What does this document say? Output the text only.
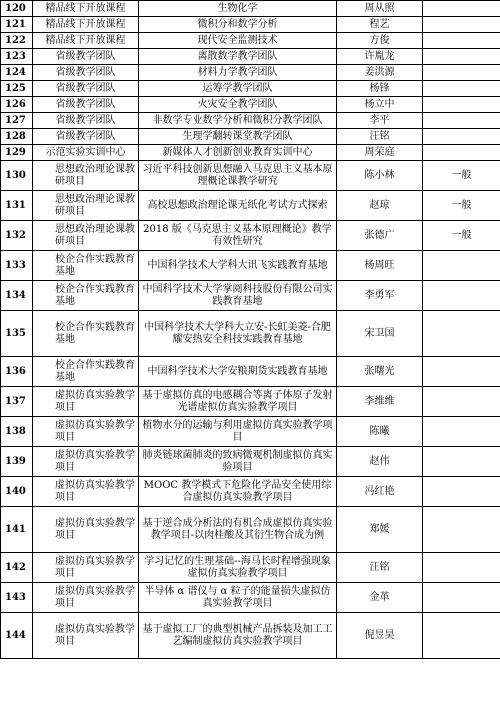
120	精品线下开放课程	生物化学	周从照	
121	精品线下开放课程	微积分和数学分析	程艺	
122	精品线下开放课程	现代安全监测技术	方俊	
123	省级教学团队	离散数学教学团队	许胤龙	
124	省级教学团队	材料力学教学团队	姜洪源	
125	省级教学团队	运筹学教学团队	杨锋	
126	省级教学团队	火灾安全教学团队	杨立中	
127	省级教学团队	非数学专业数学分析和微积分教学团队	李平	
128	省级教学团队	生理学翻转课堂教学团队	汪铭	
129	示范实验实训中心	新媒体人才创新创业教育实训中心	周荣庭	
130	思想政治理论课教研项目	习近平科技创新思想融入马克思主义基本原理概论课教学研究	陈小林	一般
131	思想政治理论课教研项目	高校思想政治理论课无纸化考试方式探索	赵琼	一般
132	思想政治理论课教研项目	2018 版《马克思主义基本原理概论》教学有效性研究	张德广	一般
133	校企合作实践教育基地	中国科学技术大学科大讯飞实践教育基地	杨周旺	
134	校企合作实践教育基地	中国科学技术大学掌阅科技股份有限公司实践教育基地	李勇军	
135	校企合作实践教育基地	中国科学技术大学科大立安-长虹美菱-合肥耀安热安全科技实践教育基地	宋卫国	
136	校企合作实践教育基地	中国科学技术大学安粮期货实践教育基地	张曙光	
137	虚拟仿真实验教学项目	基于虚拟仿真的电感耦合等离子体原子发射光谱虚拟仿真实验教学项目	李维维	
138	虚拟仿真实验教学项目	植物水分的运输与利用虚拟仿真实验教学项目	陈曦	
139	虚拟仿真实验教学项目	肺炎链球菌肺炎的致病微观机制虚拟仿真实验项目	赵伟	
140	虚拟仿真实验教学项目	MOOC 教学模式下危险化学品安全使用综合虚拟仿真实验教学项目	冯红艳	
141	虚拟仿真实验教学项目	基于逆合成分析法的有机合成虚拟仿真实验教学项目-以肉桂酸及其衍生物合成为例	郑媛	
142	虚拟仿真实验教学项目	学习记忆的生理基础--海马长时程增强现象虚拟仿真实验教学项目	汪铭	
143	虚拟仿真实验教学项目	半导体 α 谱仪与 α 粒子的能量损失虚拟仿真实验教学项目	金革	
144	虚拟仿真实验教学项目	基于虚拟工厂的典型机械产品拆装及加工工艺编制虚拟仿真实验教学项目	倪昱昊	
